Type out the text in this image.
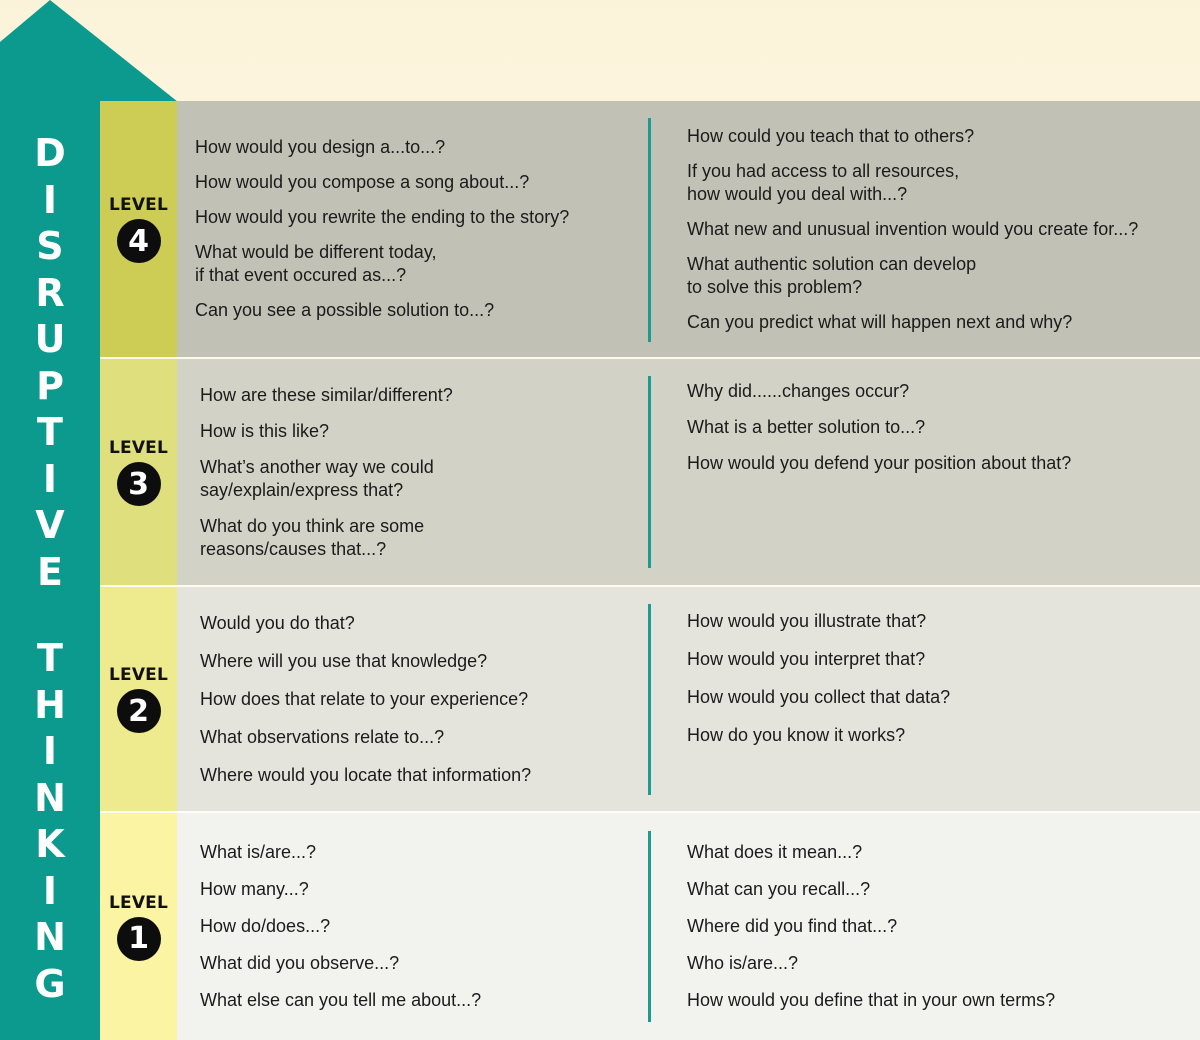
D
I
S
R
U
P
T
I
V
E
T
H
I
N
K
I
N
G
LEVEL
4
How would you design a...to...?
How would you compose a song about...?
How would you rewrite the ending to the story?
What would be different today,
if that event occured as...?
Can you see a possible solution to...?
How could you teach that to others?
If you had access to all resources,
how would you deal with...?
What new and unusual invention would you create for...?
What authentic solution can develop
to solve this problem?
Can you predict what will happen next and why?
LEVEL
3
How are these similar/different?
How is this like?
What’s another way we could
say/explain/express that?
What do you think are some
reasons/causes that...?
Why did......changes occur?
What is a better solution to...?
How would you defend your position about that?
LEVEL
2
Would you do that?
Where will you use that knowledge?
How does that relate to your experience?
What observations relate to...?
Where would you locate that information?
How would you illustrate that?
How would you interpret that?
How would you collect that data?
How do you know it works?
LEVEL
1
What is/are...?
How many...?
How do/does...?
What did you observe...?
What else can you tell me about...?
What does it mean...?
What can you recall...?
Where did you find that...?
Who is/are...?
How would you define that in your own terms?
